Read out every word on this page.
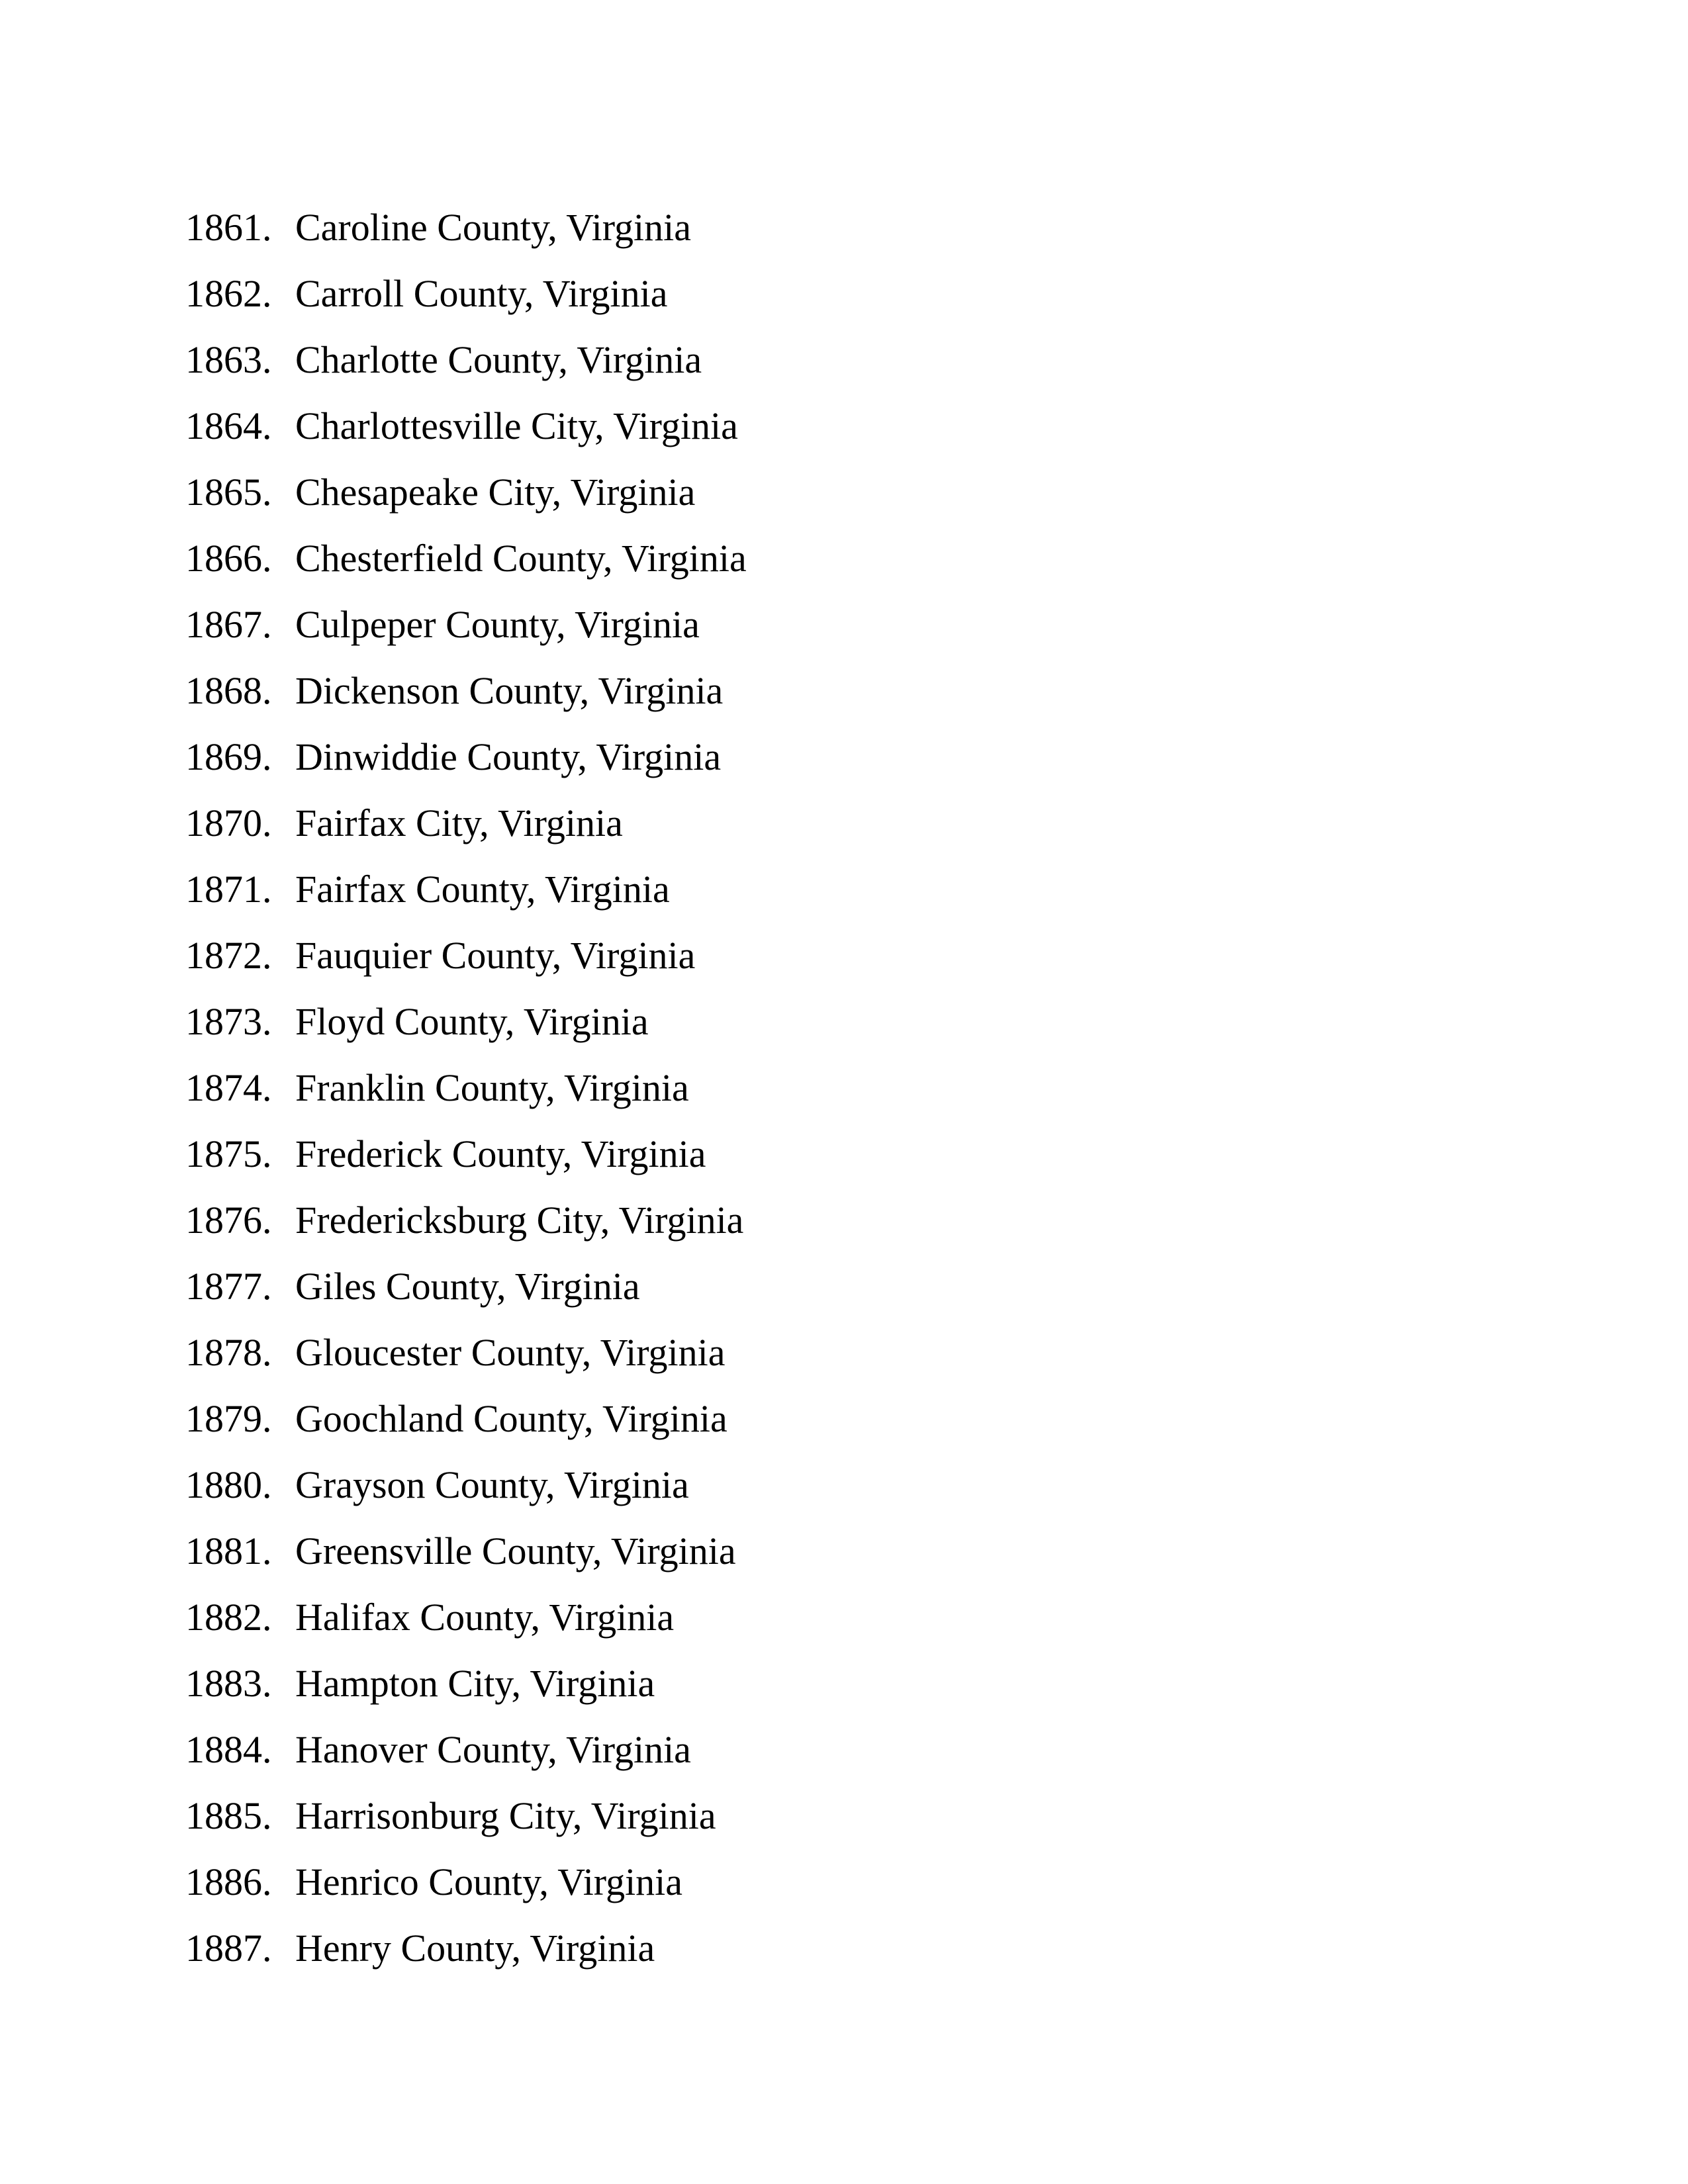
1861. Caroline County, Virginia
1862. Carroll County, Virginia
1863. Charlotte County, Virginia
1864. Charlottesville City, Virginia
1865. Chesapeake City, Virginia
1866. Chesterfield County, Virginia
1867. Culpeper County, Virginia
1868. Dickenson County, Virginia
1869. Dinwiddie County, Virginia
1870. Fairfax City, Virginia
1871. Fairfax County, Virginia
1872. Fauquier County, Virginia
1873. Floyd County, Virginia
1874. Franklin County, Virginia
1875. Frederick County, Virginia
1876. Fredericksburg City, Virginia
1877. Giles County, Virginia
1878. Gloucester County, Virginia
1879. Goochland County, Virginia
1880. Grayson County, Virginia
1881. Greensville County, Virginia
1882. Halifax County, Virginia
1883. Hampton City, Virginia
1884. Hanover County, Virginia
1885. Harrisonburg City, Virginia
1886. Henrico County, Virginia
1887. Henry County, Virginia
